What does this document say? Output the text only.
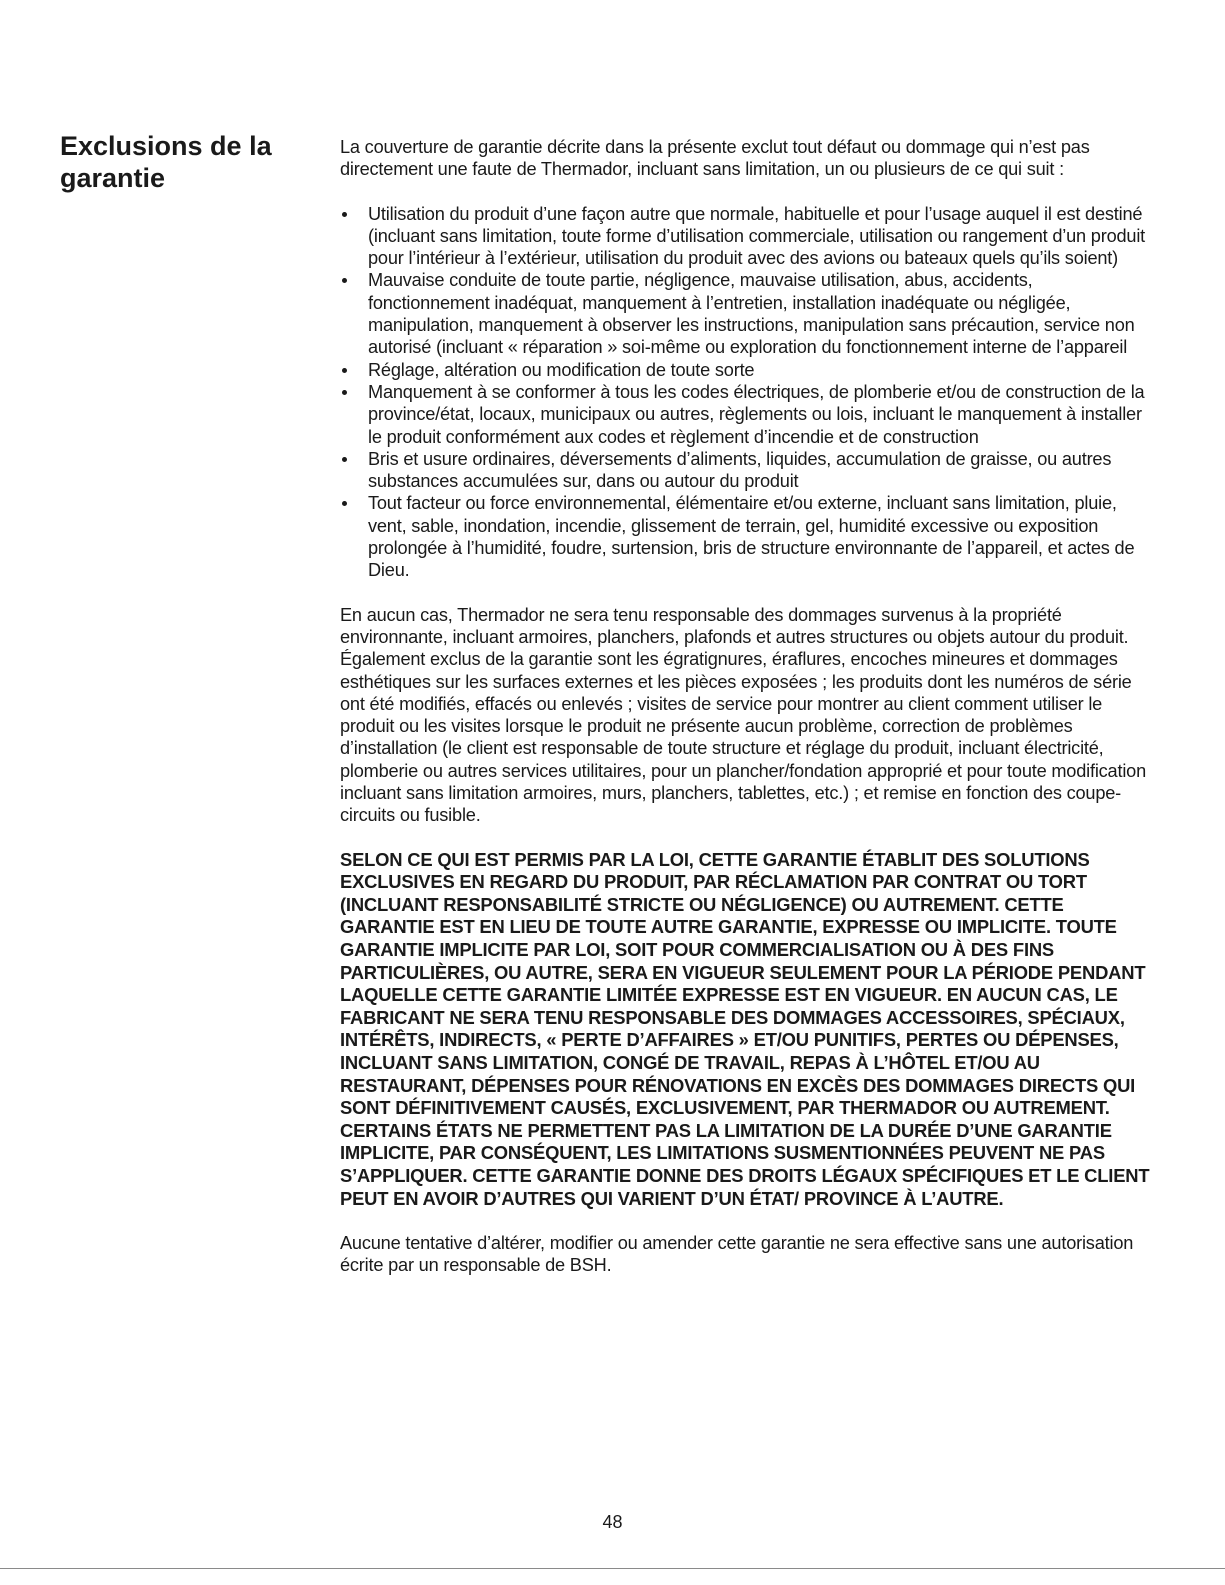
Exclusions de la garantie

La couverture de garantie décrite dans la présente exclut tout défaut ou dommage qui n’est pas directement une faute de Thermador, incluant sans limitation, un ou plusieurs de ce qui suit :

Utilisation du produit d’une façon autre que normale, habituelle et pour l’usage auquel il est destiné (incluant sans limitation, toute forme d’utilisation commerciale, utilisation ou rangement d’un produit pour l’intérieur à l’extérieur, utilisation du produit avec des avions ou bateaux quels qu’ils soient)
Mauvaise conduite de toute partie, négligence, mauvaise utilisation, abus, accidents, fonctionnement inadéquat, manquement à l’entretien, installation inadéquate ou négligée, manipulation, manquement à observer les instructions, manipulation sans précaution, service non autorisé (incluant « réparation » soi-même ou exploration du fonctionnement interne de l’appareil
Réglage, altération ou modification de toute sorte
Manquement à se conformer à tous les codes électriques, de plomberie et/ou de construction de la province/état, locaux, municipaux ou autres, règlements ou lois, incluant le manquement à installer le produit conformément aux codes et règlement d’incendie et de construction
Bris et usure ordinaires, déversements d’aliments, liquides, accumulation de graisse, ou autres substances accumulées sur, dans ou autour du produit
Tout facteur ou force environnemental, élémentaire et/ou externe, incluant sans limitation, pluie, vent, sable, inondation, incendie, glissement de terrain, gel, humidité excessive ou exposition prolongée à l’humidité, foudre, surtension, bris de structure environnante de l’appareil, et actes de Dieu.

En aucun cas, Thermador ne sera tenu responsable des dommages survenus à la propriété environnante, incluant armoires, planchers, plafonds et autres structures ou objets autour du produit. Également exclus de la garantie sont les égratignures, éraflures, encoches mineures et dommages esthétiques sur les surfaces externes et les pièces exposées ; les produits dont les numéros de série ont été modifiés, effacés ou enlevés ; visites de service pour montrer au client comment utiliser le produit ou les visites lorsque le produit ne présente aucun problème, correction de problèmes d’installation (le client est responsable de toute structure et réglage du produit, incluant électricité, plomberie ou autres services utilitaires, pour un plancher/fondation approprié et pour toute modification incluant sans limitation armoires, murs, planchers, tablettes, etc.) ; et remise en fonction des coupe-circuits ou fusible.

SELON CE QUI EST PERMIS PAR LA LOI, CETTE GARANTIE ÉTABLIT DES SOLUTIONS EXCLUSIVES EN REGARD DU PRODUIT, PAR RÉCLAMATION PAR CONTRAT OU TORT (INCLUANT RESPONSABILITÉ STRICTE OU NÉGLIGENCE) OU AUTREMENT. CETTE GARANTIE EST EN LIEU DE TOUTE AUTRE GARANTIE, EXPRESSE OU IMPLICITE. TOUTE GARANTIE IMPLICITE PAR LOI, SOIT POUR COMMERCIALISATION OU À DES FINS PARTICULIÈRES, OU AUTRE, SERA EN VIGUEUR SEULEMENT POUR LA PÉRIODE PENDANT LAQUELLE CETTE GARANTIE LIMITÉE EXPRESSE EST EN VIGUEUR. EN AUCUN CAS, LE FABRICANT NE SERA TENU RESPONSABLE DES DOMMAGES ACCESSOIRES, SPÉCIAUX, INTÉRÊTS, INDIRECTS, « PERTE D’AFFAIRES » ET/OU PUNITIFS, PERTES OU DÉPENSES, INCLUANT SANS LIMITATION, CONGÉ DE TRAVAIL, REPAS À L’HÔTEL ET/OU AU RESTAURANT, DÉPENSES POUR RÉNOVATIONS EN EXCÈS DES DOMMAGES DIRECTS QUI SONT DÉFINITIVEMENT CAUSÉS, EXCLUSIVEMENT, PAR THERMADOR OU AUTREMENT. CERTAINS ÉTATS NE PERMETTENT PAS LA LIMITATION DE LA DURÉE D’UNE GARANTIE IMPLICITE, PAR CONSÉQUENT, LES LIMITATIONS SUSMENTIONNÉES PEUVENT NE PAS S’APPLIQUER. CETTE GARANTIE DONNE DES DROITS LÉGAUX SPÉCIFIQUES ET LE CLIENT PEUT EN AVOIR D’AUTRES QUI VARIENT D’UN ÉTAT/ PROVINCE À L’AUTRE.

Aucune tentative d’altérer, modifier ou amender cette garantie ne sera effective sans une autorisation écrite par un responsable de BSH.

48
